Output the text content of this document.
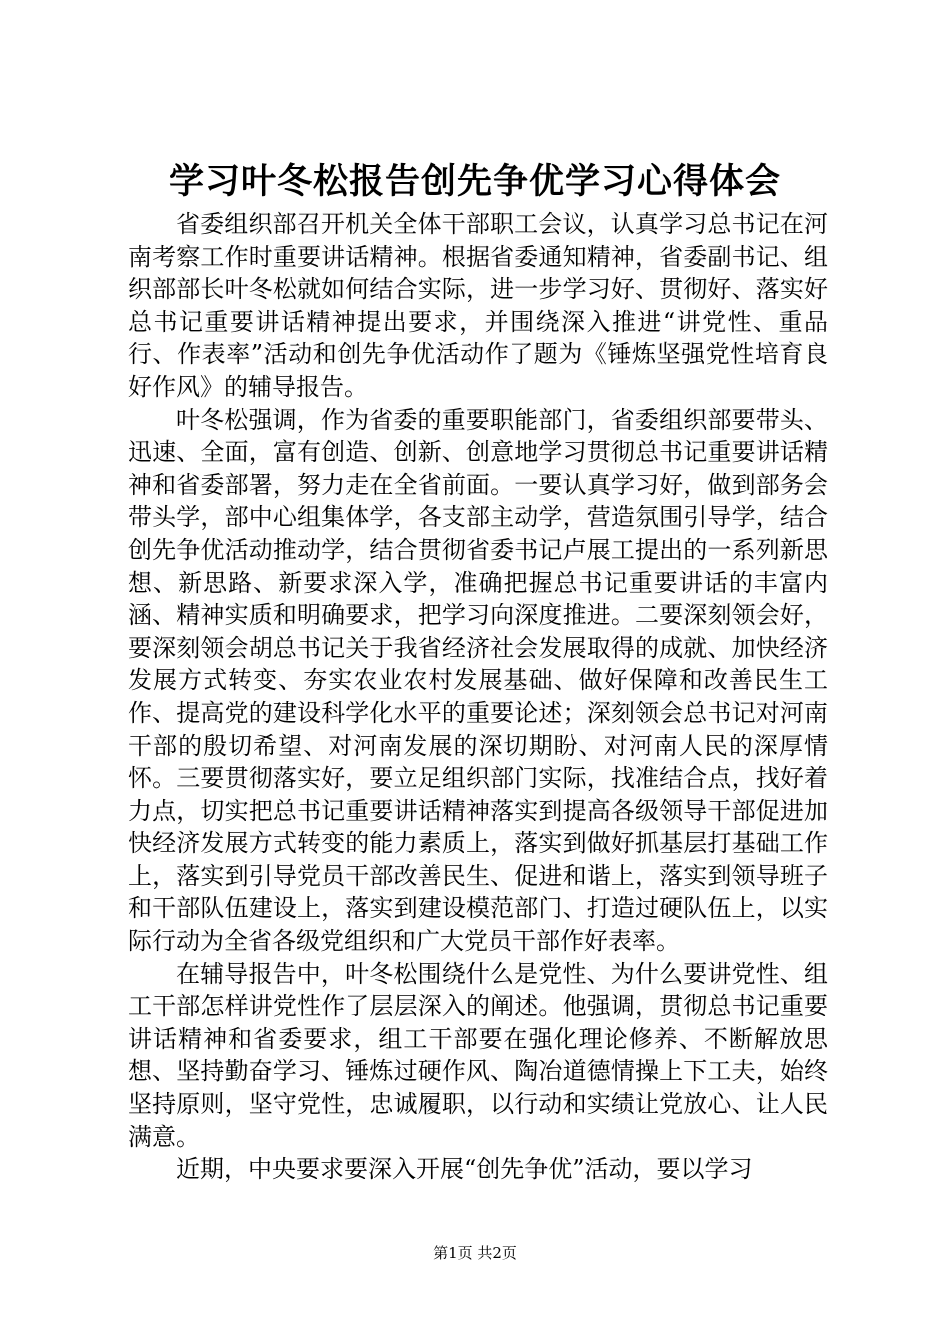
学习叶冬松报告创先争优学习心得体会

省委组织部召开机关全体干部职工会议，认真学习总书记在河南考察工作时重要讲话精神。根据省委通知精神，省委副书记、组织部部长叶冬松就如何结合实际，进一步学习好、贯彻好、落实好总书记重要讲话精神提出要求，并围绕深入推进“讲党性、重品行、作表率”活动和创先争优活动作了题为《锤炼坚强党性培育良好作风》的辅导报告。

叶冬松强调，作为省委的重要职能部门，省委组织部要带头、迅速、全面，富有创造、创新、创意地学习贯彻总书记重要讲话精神和省委部署，努力走在全省前面。一要认真学习好，做到部务会带头学，部中心组集体学，各支部主动学，营造氛围引导学，结合创先争优活动推动学，结合贯彻省委书记卢展工提出的一系列新思想、新思路、新要求深入学，准确把握总书记重要讲话的丰富内涵、精神实质和明确要求，把学习向深度推进。二要深刻领会好，要深刻领会胡总书记关于我省经济社会发展取得的成就、加快经济发展方式转变、夯实农业农村发展基础、做好保障和改善民生工作、提高党的建设科学化水平的重要论述；深刻领会总书记对河南干部的殷切希望、对河南发展的深切期盼、对河南人民的深厚情怀。三要贯彻落实好，要立足组织部门实际，找准结合点，找好着力点，切实把总书记重要讲话精神落实到提高各级领导干部促进加快经济发展方式转变的能力素质上，落实到做好抓基层打基础工作上，落实到引导党员干部改善民生、促进和谐上，落实到领导班子和干部队伍建设上，落实到建设模范部门、打造过硬队伍上，以实际行动为全省各级党组织和广大党员干部作好表率。

在辅导报告中，叶冬松围绕什么是党性、为什么要讲党性、组工干部怎样讲党性作了层层深入的阐述。他强调，贯彻总书记重要讲话精神和省委要求，组工干部要在强化理论修养、不断解放思想、坚持勤奋学习、锤炼过硬作风、陶冶道德情操上下工夫，始终坚持原则，坚守党性，忠诚履职，以行动和实绩让党放心、让人民满意。

近期，中央要求要深入开展“创先争优”活动，要以学习

第1页 共2页
